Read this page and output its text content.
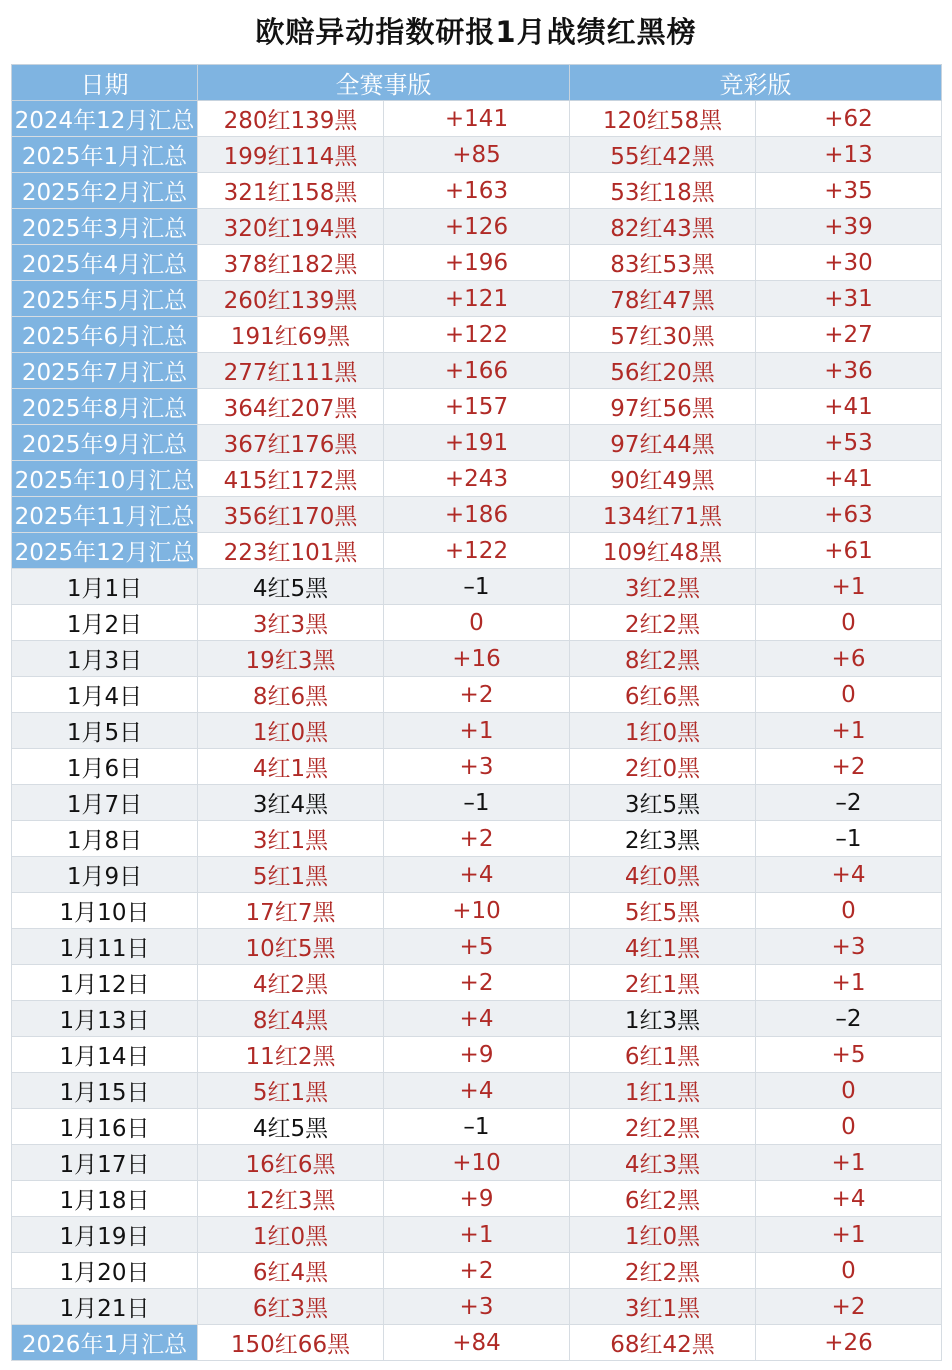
欧赔异动指数研报1月战绩红黑榜
日期	全赛事版		竞彩版	
2024年12月汇总	280红139黑	+141	120红58黑	+62
2025年1月汇总	199红114黑	+85	55红42黑	+13
2025年2月汇总	321红158黑	+163	53红18黑	+35
2025年3月汇总	320红194黑	+126	82红43黑	+39
2025年4月汇总	378红182黑	+196	83红53黑	+30
2025年5月汇总	260红139黑	+121	78红47黑	+31
2025年6月汇总	191红69黑	+122	57红30黑	+27
2025年7月汇总	277红111黑	+166	56红20黑	+36
2025年8月汇总	364红207黑	+157	97红56黑	+41
2025年9月汇总	367红176黑	+191	97红44黑	+53
2025年10月汇总	415红172黑	+243	90红49黑	+41
2025年11月汇总	356红170黑	+186	134红71黑	+63
2025年12月汇总	223红101黑	+122	109红48黑	+61
1月1日	4红5黑	–1	3红2黑	+1
1月2日	3红3黑	0	2红2黑	0
1月3日	19红3黑	+16	8红2黑	+6
1月4日	8红6黑	+2	6红6黑	0
1月5日	1红0黑	+1	1红0黑	+1
1月6日	4红1黑	+3	2红0黑	+2
1月7日	3红4黑	–1	3红5黑	–2
1月8日	3红1黑	+2	2红3黑	–1
1月9日	5红1黑	+4	4红0黑	+4
1月10日	17红7黑	+10	5红5黑	0
1月11日	10红5黑	+5	4红1黑	+3
1月12日	4红2黑	+2	2红1黑	+1
1月13日	8红4黑	+4	1红3黑	–2
1月14日	11红2黑	+9	6红1黑	+5
1月15日	5红1黑	+4	1红1黑	0
1月16日	4红5黑	–1	2红2黑	0
1月17日	16红6黑	+10	4红3黑	+1
1月18日	12红3黑	+9	6红2黑	+4
1月19日	1红0黑	+1	1红0黑	+1
1月20日	6红4黑	+2	2红2黑	0
1月21日	6红3黑	+3	3红1黑	+2
2026年1月汇总	150红66黑	+84	68红42黑	+26
